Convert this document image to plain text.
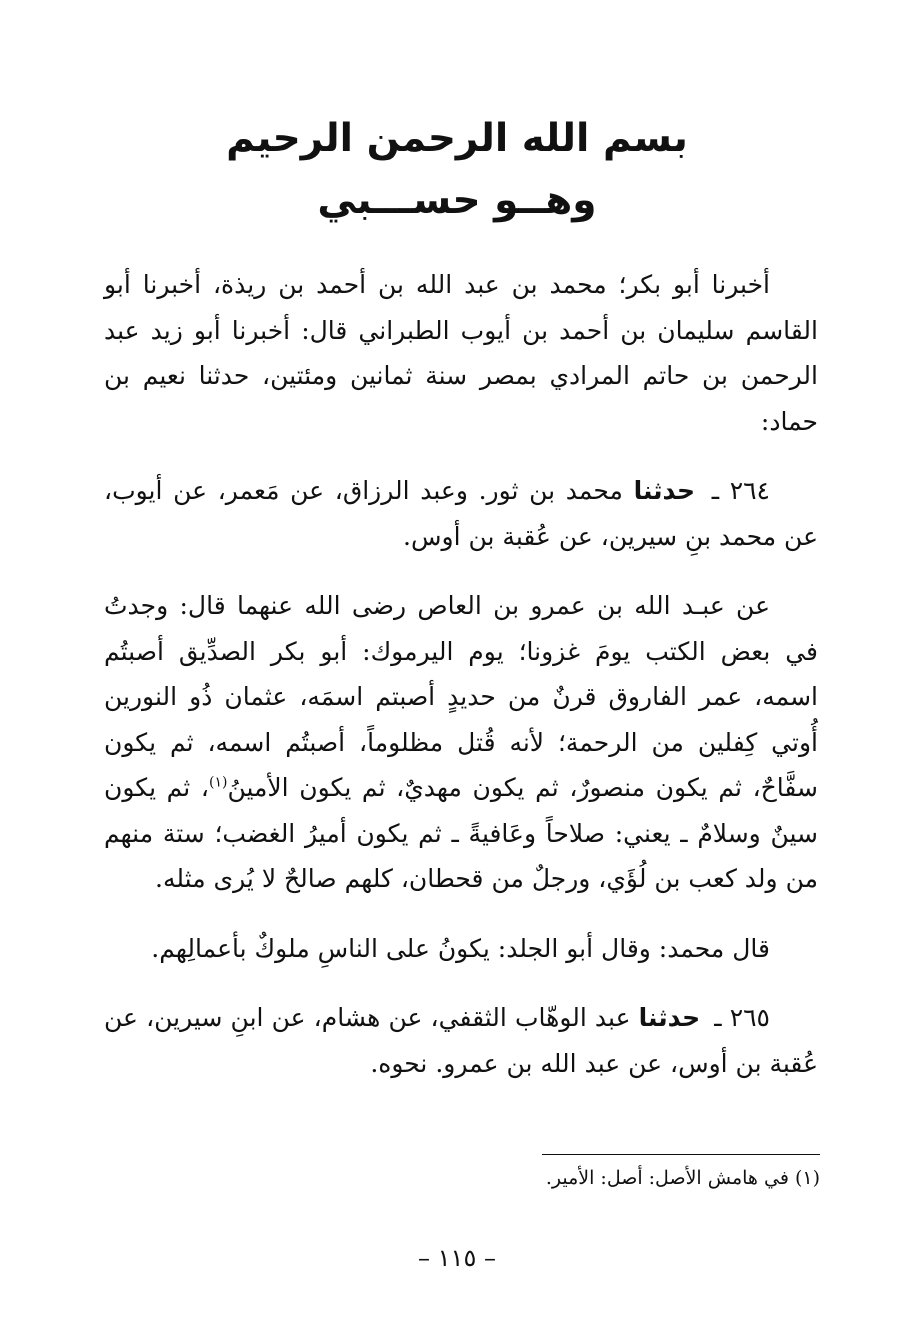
بسم الله الرحمن الرحيم

وهــو حســـبي

أخبرنا أبو بكر؛ محمد بن عبد الله بن أحمد بن ريذة، أخبرنا أبو القاسم سليمان بن أحمد بن أيوب الطبراني قال: أخبرنا أبو زيد عبد الرحمن بن حاتم المرادي بمصر سنة ثمانين ومئتين، حدثنا نعيم بن حماد:

٢٦٤ ـ حدثنا محمد بن ثور. وعبد الرزاق، عن مَعمر، عن أيوب، عن محمد بنِ سيرين، عن عُقبة بن أوس.

عن عبـد الله بن عمرو بن العاص رضى الله عنهما قال: وجدتُ في بعض الكتب يومَ غزونا؛ يوم اليرموك: أبو بكر الصدِّيق أصبتُم اسمه، عمر الفاروق قرنٌ من حديدٍ أصبتم اسمَه، عثمان ذُو النورين أُوتي كِفلين من الرحمة؛ لأنه قُتل مظلوماً، أصبتُم اسمه، ثم يكون سفَّاحٌ، ثم يكون منصورٌ، ثم يكون مهديٌ، ثم يكون الأمينُ$^{(١)}$، ثم يكون سينٌ وسلامٌ ـ يعني: صلاحاً وعَافيةً ـ ثم يكون أميرُ الغضب؛ ستة منهم من ولد كعب بن لُؤَي، ورجلٌ من قحطان، كلهم صالحٌ لا يُرى مثله.

قال محمد: وقال أبو الجلد: يكونُ على الناسِ ملوكٌ بأعمالِهم.

٢٦٥ ـ حدثنا عبد الوهّاب الثقفي، عن هشام، عن ابنِ سيرين، عن عُقبة بن أوس، عن عبد الله بن عمرو. نحوه.

(١) في هامش الأصل: أصل: الأمير.
– ١١٥ –
